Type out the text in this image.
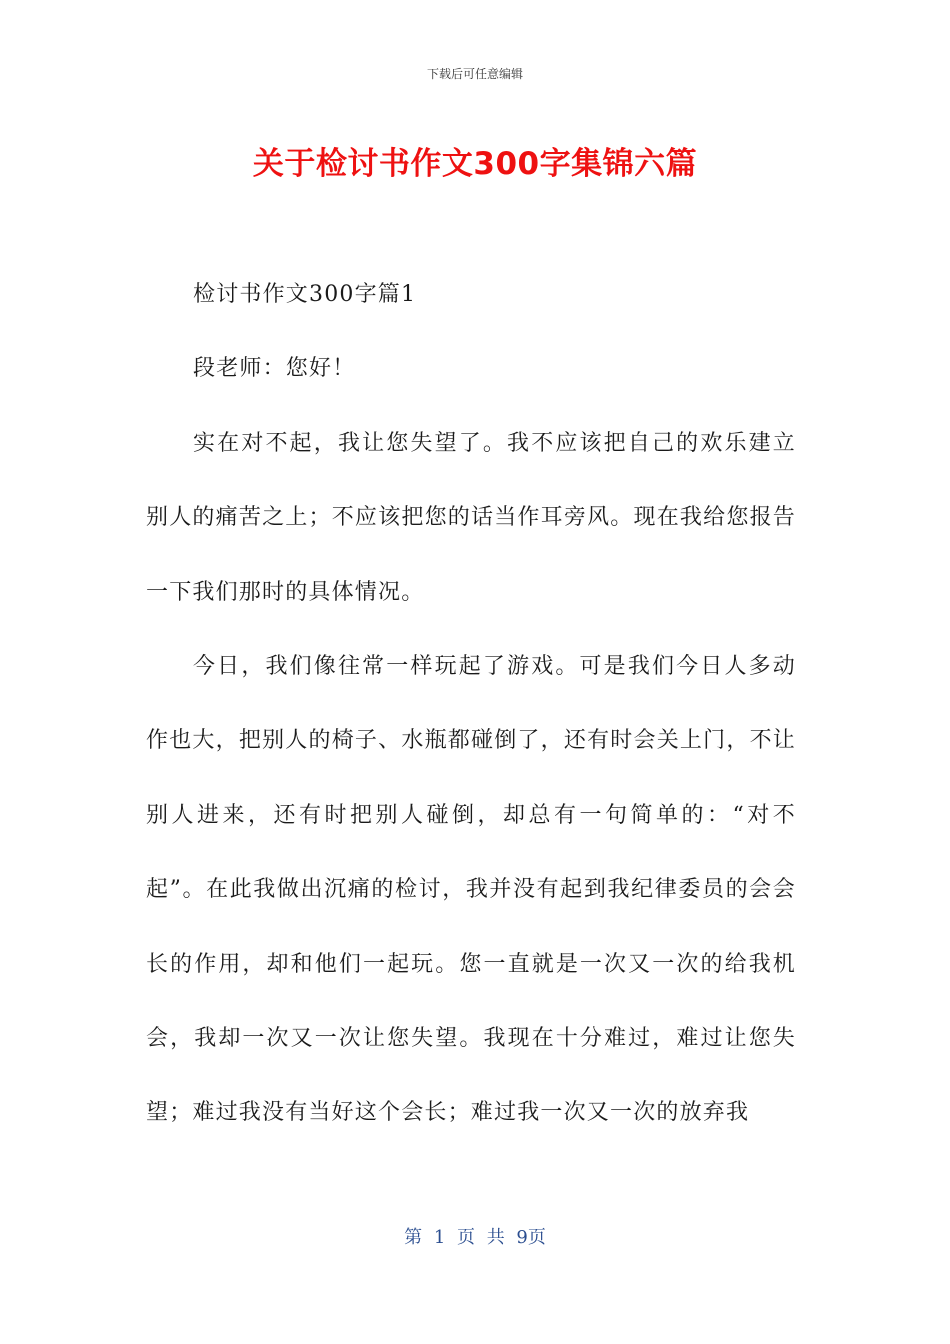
下载后可任意编辑
关于检讨书作文300字集锦六篇

检讨书作文300字篇1

段老师：您好！

实在对不起，我让您失望了。我不应该把自己的欢乐建立别人的痛苦之上；不应该把您的话当作耳旁风。现在我给您报告一下我们那时的具体情况。

今日，我们像往常一样玩起了游戏。可是我们今日人多动作也大，把别人的椅子、水瓶都碰倒了，还有时会关上门，不让别人进来，还有时把别人碰倒，却总有一句简单的：“对不起”。在此我做出沉痛的检讨，我并没有起到我纪律委员的会会长的作用，却和他们一起玩。您一直就是一次又一次的给我机会，我却一次又一次让您失望。我现在十分难过，难过让您失望；难过我没有当好这个会长；难过我一次又一次的放弃我

第 1 页 共 9页
